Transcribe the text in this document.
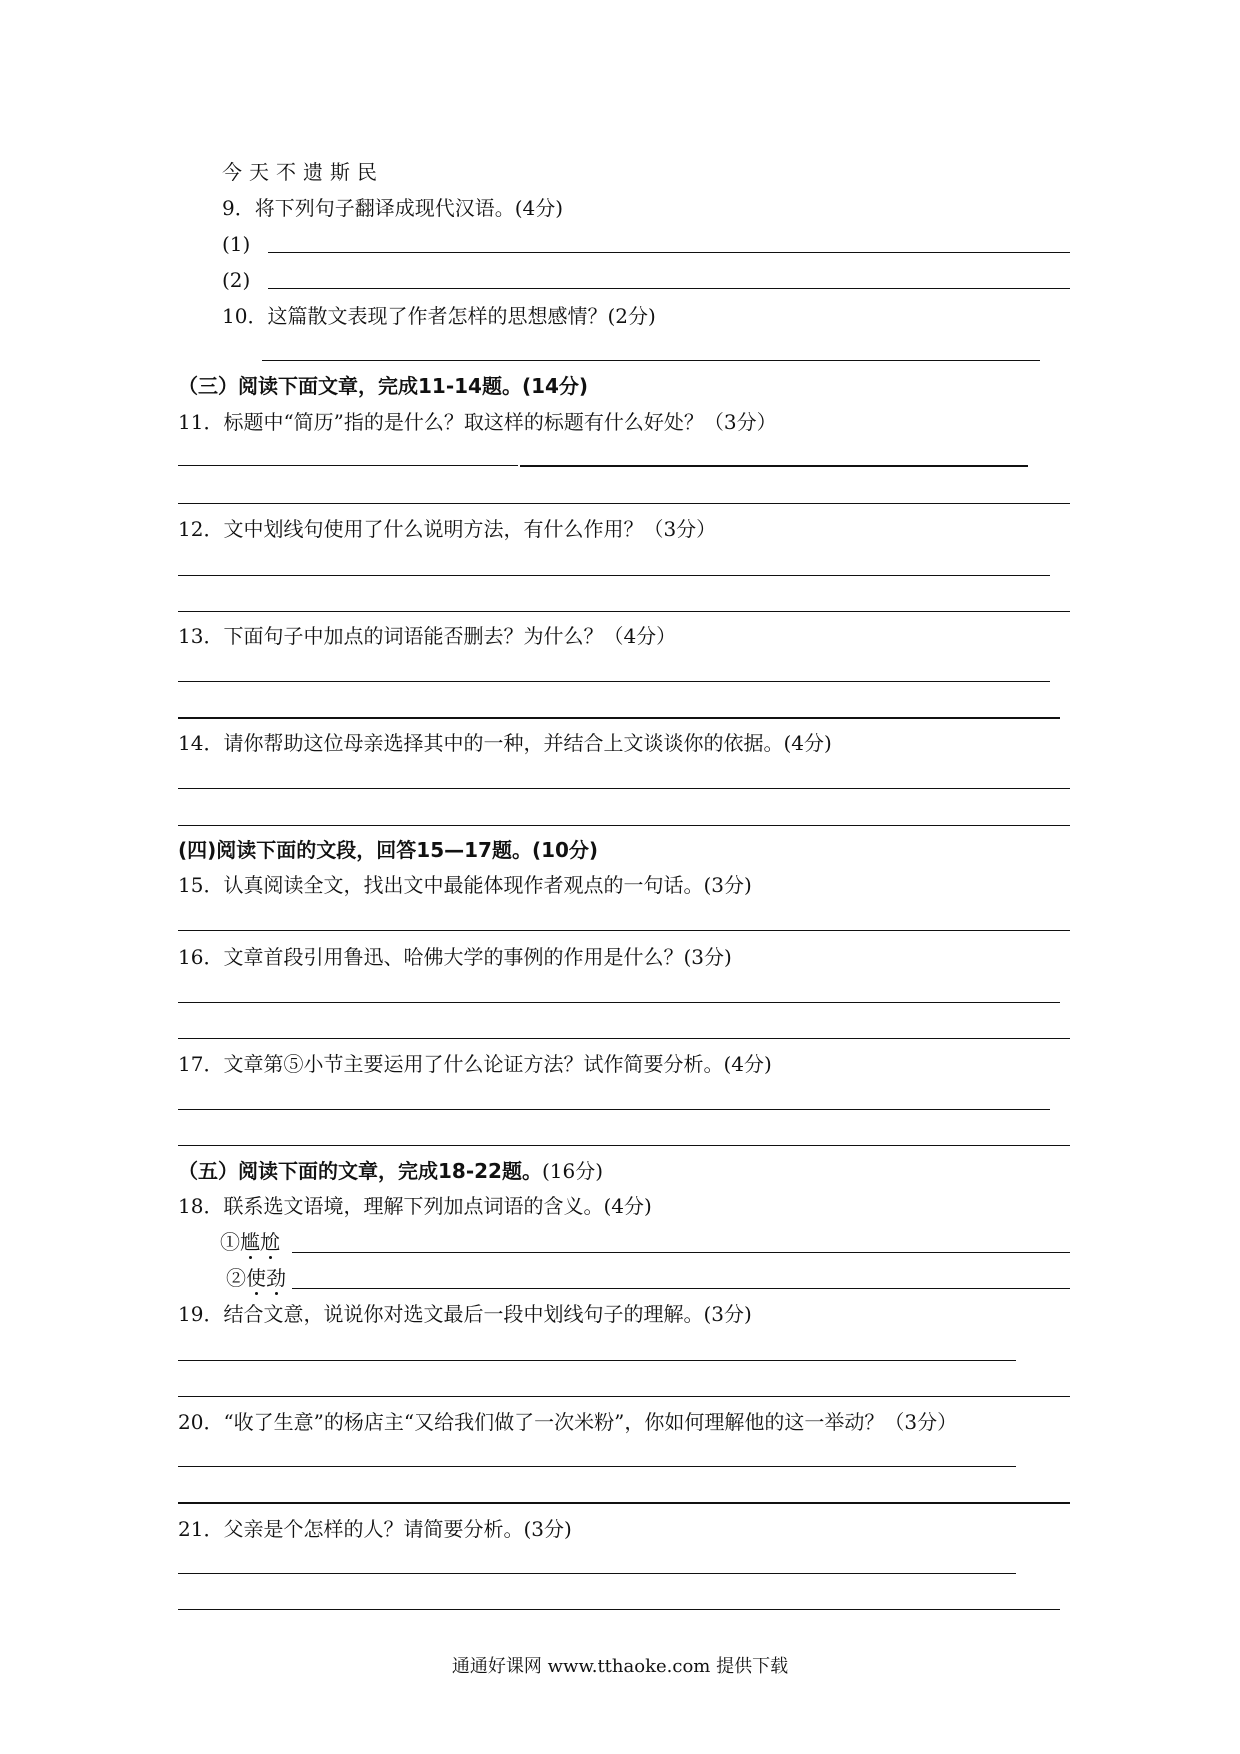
今天不遗斯民

9．将下列句子翻译成现代汉语。(4分)

(1)

(2)

10．这篇散文表现了作者怎样的思想感情？(2分)

（三）阅读下面文章，完成11-14题。(14分)

11．标题中“简历”指的是什么？取这样的标题有什么好处？（3分）

12．文中划线句使用了什么说明方法，有什么作用？（3分）

13．下面句子中加点的词语能否删去？为什么？（4分）

14．请你帮助这位母亲选择其中的一种，并结合上文谈谈你的依据。(4分)

(四)阅读下面的文段，回答15—17题。(10分)

15．认真阅读全文，找出文中最能体现作者观点的一句话。(3分)

16．文章首段引用鲁迅、哈佛大学的事例的作用是什么？(3分)

17．文章第⑤小节主要运用了什么论证方法？试作简要分析。(4分)

（五）阅读下面的文章，完成18-22题。(16分)

18．联系选文语境，理解下列加点词语的含义。(4分)

①尴尬

②使劲

19．结合文意，说说你对选文最后一段中划线句子的理解。(3分)

20．“收了生意”的杨店主“又给我们做了一次米粉”，你如何理解他的这一举动？（3分）

21．父亲是个怎样的人？请简要分析。(3分)

通通好课网 www.tthaoke.com 提供下载
